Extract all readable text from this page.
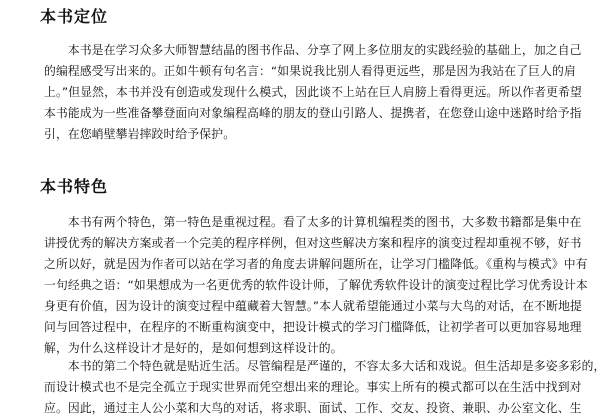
本书定位

　　本书是在学习众多大师智慧结晶的图书作品、分享了网上多位朋友的实践经验的基础上，加之自己
的编程感受写出来的。正如牛顿有句名言：“如果说我比别人看得更远些，那是因为我站在了巨人的肩
上。”但显然，本书并没有创造或发现什么模式，因此谈不上站在巨人肩膀上看得更远。所以作者更希望
本书能成为一些准备攀登面向对象编程高峰的朋友的登山引路人、提携者，在您登山途中迷路时给予指
引，在您峭壁攀岩摔跤时给予保护。

本书特色

　　本书有两个特色，第一特色是重视过程。看了太多的计算机编程类的图书，大多数书籍都是集中在
讲授优秀的解决方案或者一个完美的程序样例，但对这些解决方案和程序的演变过程却重视不够，好书
之所以好，就是因为作者可以站在学习者的角度去讲解问题所在，让学习门槛降低。《重构与模式》中有
一句经典之语：“如果想成为一名更优秀的软件设计师，了解优秀软件设计的演变过程比学习优秀设计本
身更有价值，因为设计的演变过程中蕴藏着大智慧。”本人就希望能通过小菜与大鸟的对话，在不断地提
问与回答过程中，在程序的不断重构演变中，把设计模式的学习门槛降低，让初学者可以更加容易地理
解，为什么这样设计才是好的，是如何想到这样设计的。

　　本书的第二个特色就是贴近生活。尽管编程是严谨的，不容太多大话和戏说。但生活却是多姿多彩的，
而设计模式也不是完全孤立于现实世界而凭空想出来的理论。事实上所有的模式都可以在生活中找到对
应。因此，通过主人公小菜和大鸟的对话，将求职、面试、工作、交友、投资、兼职、办公室文化、生
